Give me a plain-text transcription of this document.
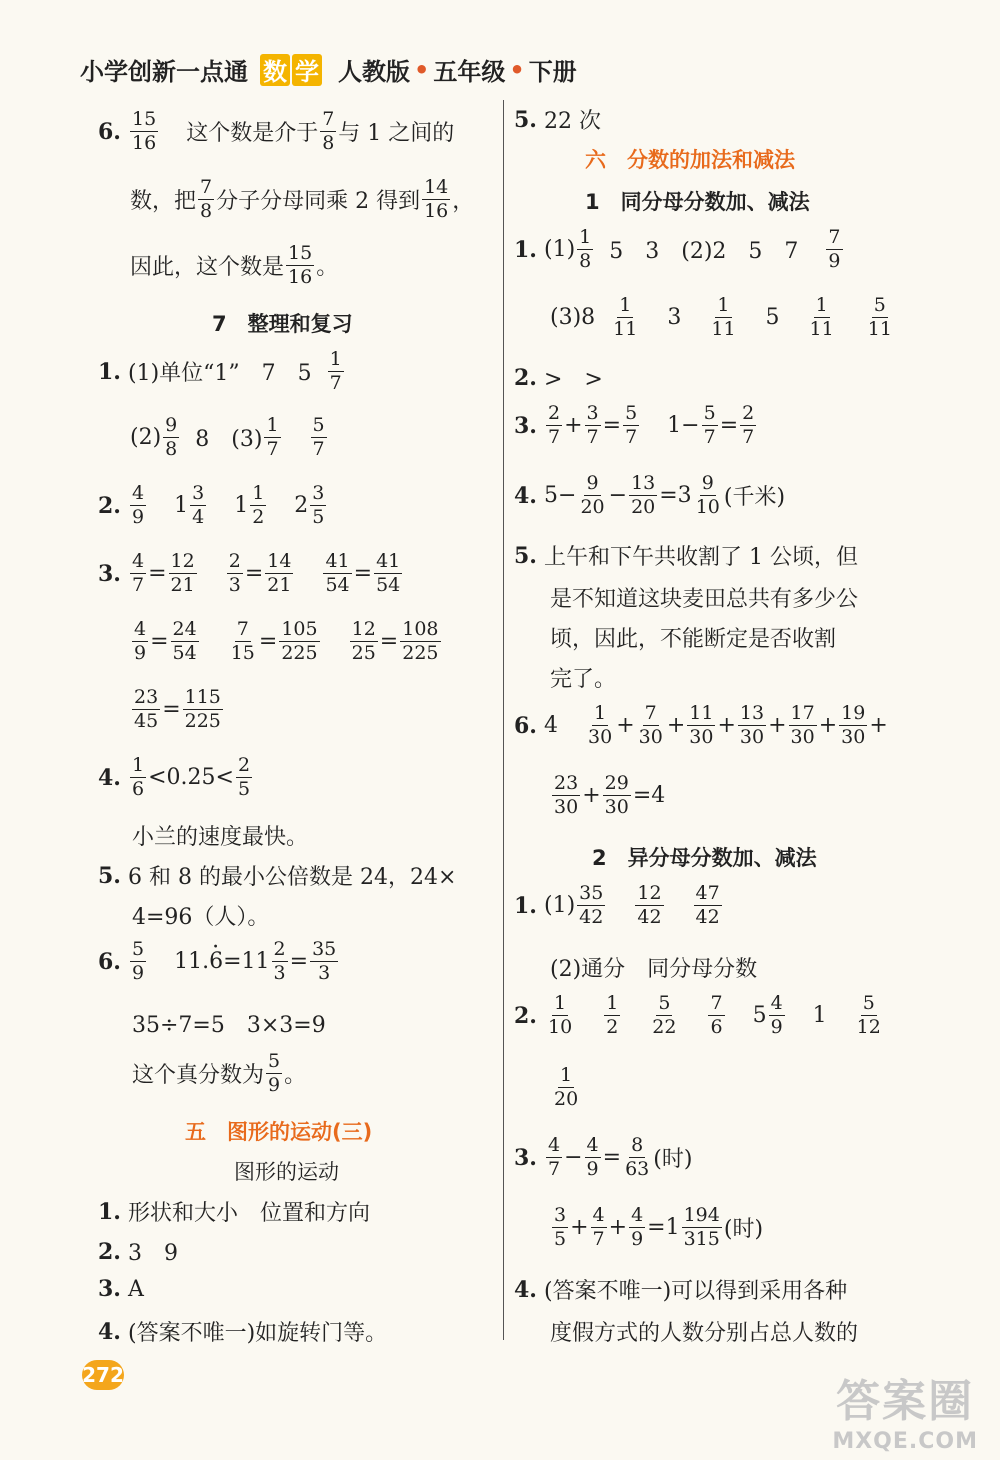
小学创新一点通 数 学 人教版 • 五年级 • 下册
6. 15
16 这个数是介于
7
8 与 1 之间的
数，把
7
8 分子分母同乘 2 得到
14
16 ，
因此，这个数是
15
16 。
7　整理和复习
1. (1)单位“1”　7　5
1
7
(2) 9
8 8　(3)
1
7
5
7
2. 4
9 1 3
4 1 1
2 2 3
5
3. $\frac{4}{7} = \frac{12}{21} \frac{2}{3} = \frac{14}{21} \frac{41}{54} = \frac{41}{54}$
$\frac{4}{9} = \frac{24}{54} \frac{7}{15} = \frac{105}{225} \frac{12}{25} = \frac{108}{225}$
$\frac{23}{45} = \frac{115}{225}$
4. 1
6 <0.25< 2
5
小兰的速度最快。
5. 6 和 8 的最小公倍数是 24，24×
4=96（人）。
6. 5
9 11.
· $6 =11 \frac{2}{3} = \frac{35}{3}$
35÷7=5　3×3=9
这个真分数为
5
9 。
五　图形的运动(三)
图形的运动
1. 形状和大小　位置和方向
2. 3　9
3. A
4. (答案不唯一)如旋转门等。
5. 22 次
六　分数的加法和减法
1　同分母分数加、减法
1. (1) 1
8 5　3　(2)2　5　7
7
9
(3)8 1
11 3 1
11 5 1
11
5
11
2. >　>
3. 2
$7 + \frac{3}{7} = \frac{5}{7} 1- \frac{5}{7} = \frac{2}{7}$
4. $5- \frac{9}{20} - \frac{13}{20} =3$ 9
10 (千米)
5. 上午和下午共收割了 1 公顷，但
是不知道这块麦田总共有多少公
顷，因此，不能断定是否收割
完了。
6. 4 1
$30 + \frac{7}{30} + \frac{11}{30} + \frac{13}{30} + \frac{17}{30} + \frac{19}{30}$ +
23
$30 + \frac{29}{30} =4$
2　异分母分数加、减法
1. (1) 35
42
12
42
47
42
(2)通分　同分母分数
2. 1
10
1
2
5
22
7
6 5 4
9 1 5
12
1
20
3. 4
$7 - \frac{4}{9} = \frac{8}{63}$ (时)
3
$5 + \frac{4}{7} + \frac{4}{9} =1$ 194
315 (时)
4. (答案不唯一)可以得到采用各种
度假方式的人数分别占总人数的
272
答案圈
MXQE.COM
